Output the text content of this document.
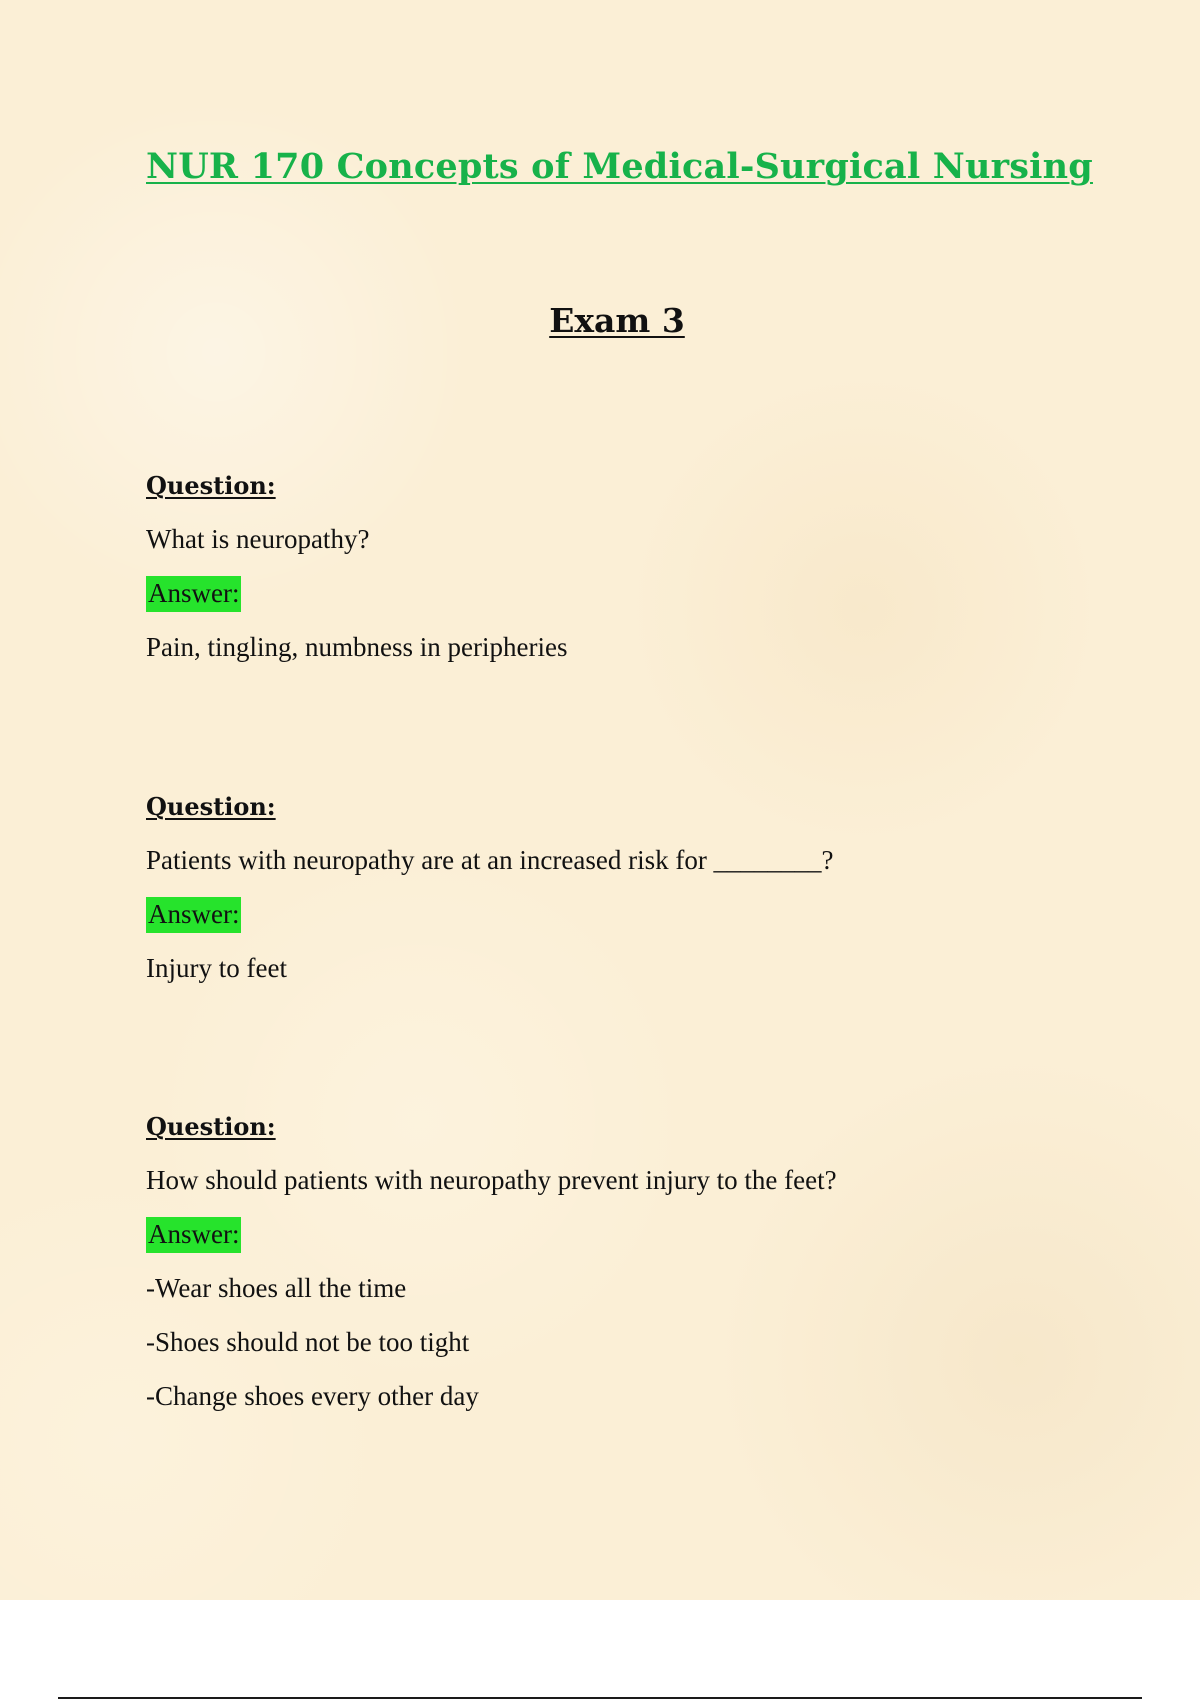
NUR 170 Concepts of Medical-Surgical Nursing
Exam 3
Question:
What is neuropathy?
Answer:
Pain, tingling, numbness in peripheries
Question:
Patients with neuropathy are at an increased risk for ________?
Answer:
Injury to feet
Question:
How should patients with neuropathy prevent injury to the feet?
Answer:
-Wear shoes all the time
-Shoes should not be too tight
-Change shoes every other day
